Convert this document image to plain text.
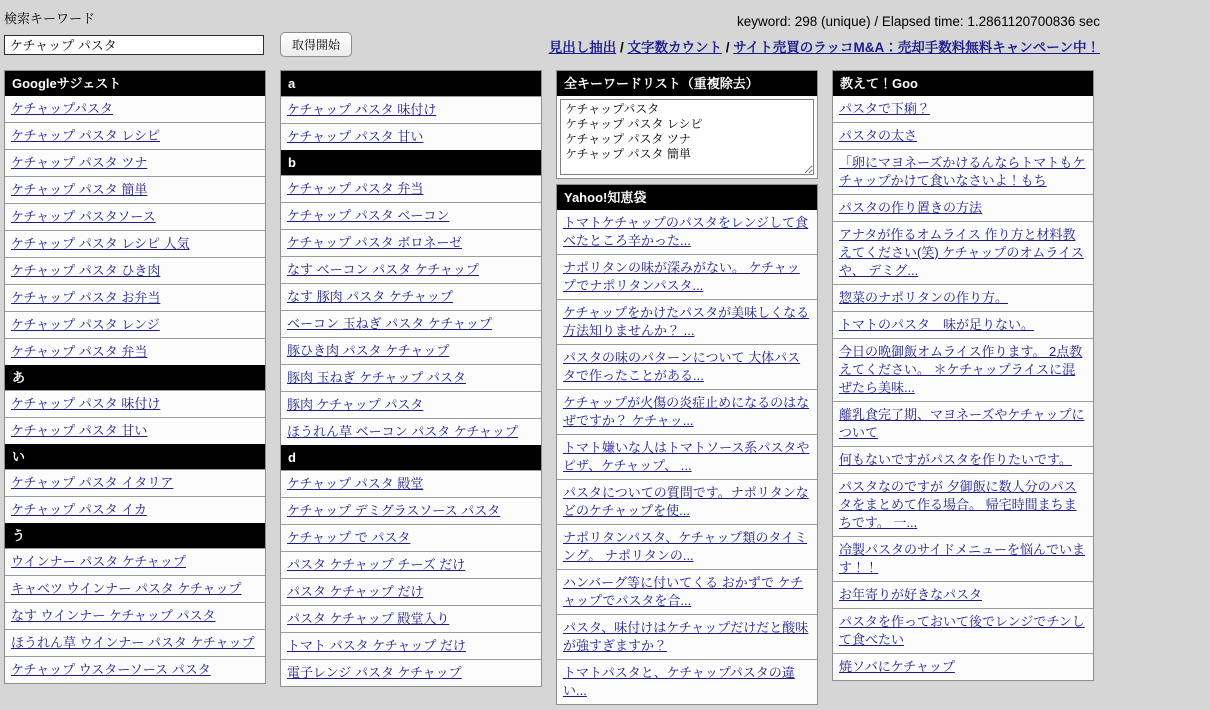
検索キーワード
ケチャップ パスタ
取得開始
keyword: 298 (unique) / Elapsed time: 1.2861120700836 sec
見出し抽出 / 文字数カウント / サイト売買のラッコM&A：売却手数料無料キャンペーン中！
Googleサジェスト
ケチャップパスタ
ケチャップ パスタ レシピ
ケチャップ パスタ ツナ
ケチャップ パスタ 簡単
ケチャップ パスタソース
ケチャップ パスタ レシピ 人気
ケチャップ パスタ ひき肉
ケチャップ パスタ お弁当
ケチャップ パスタ レンジ
ケチャップ パスタ 弁当
あ
ケチャップ パスタ 味付け
ケチャップ パスタ 甘い
い
ケチャップ パスタ イタリア
ケチャップ パスタ イカ
う
ウインナー パスタ ケチャップ
キャベツ ウインナー パスタ ケチャップ
なす ウインナー ケチャップ パスタ
ほうれん草 ウインナー パスタ ケチャップ
ケチャップ ウスターソース パスタ
a
ケチャップ パスタ 味付け
ケチャップ パスタ 甘い
b
ケチャップ パスタ 弁当
ケチャップ パスタ ベーコン
ケチャップ パスタ ボロネーゼ
なす ベーコン パスタ ケチャップ
なす 豚肉 パスタ ケチャップ
ベーコン 玉ねぎ パスタ ケチャップ
豚ひき肉 パスタ ケチャップ
豚肉 玉ねぎ ケチャップ パスタ
豚肉 ケチャップ パスタ
ほうれん草 ベーコン パスタ ケチャップ
d
ケチャップ パスタ 殿堂
ケチャップ デミグラスソース パスタ
ケチャップ で パスタ
パスタ ケチャップ チーズ だけ
パスタ ケチャップ だけ
パスタ ケチャップ 殿堂入り
トマト パスタ ケチャップ だけ
電子レンジ パスタ ケチャップ
全キーワードリスト（重複除去）
ケチャップパスタ ケチャップ パスタ レシピ ケチャップ パスタ ツナ ケチャップ パスタ 簡単
Yahoo!知恵袋
トマトケチャップのパスタをレンジして食べたところ辛かった...
ナポリタンの味が深みがない。 ケチャップでナポリタンパスタ...
ケチャップをかけたパスタが美味しくなる方法知りませんか？ ...
パスタの味のパターンについて 大体パスタで作ったことがある...
ケチャップが火傷の炎症止めになるのはなぜですか？ ケチャッ...
トマト嫌いな人はトマトソース系パスタやピザ、ケチャップ、 ...
パスタについての質問です。ナポリタンなどのケチャップを使...
ナポリタンパスタ、ケチャップ類のタイミング。 ナポリタンの...
ハンバーグ等に付いてくる おかずで ケチャップでパスタを合...
パスタ、味付けはケチャップだけだと酸味が強すぎますか？
トマトパスタと、ケチャップパスタの違い...
教えて！Goo
パスタで下痢？
パスタの太さ
「卵にマヨネーズかけるんならトマトもケチャップかけて食いなさいよ！もち
パスタの作り置きの方法
アナタが作るオムライス 作り方と材料教えてください(笑) ケチャップのオムライスや、 デミグ...
惣菜のナポリタンの作り方。
トマトのパスタ　味が足りない。
今日の晩御飯オムライス作ります。 2点教えてください。 ＊ケチャップライスに混ぜたら美味...
離乳食完了期、マヨネーズやケチャップについて
何もないですがパスタを作りたいです。
パスタなのですが 夕御飯に数人分のパスタをまとめて作る場合。 帰宅時間まちまちです。 一...
冷製パスタのサイドメニューを悩んでいます！！
お年寄りが好きなパスタ
パスタを作っておいて後でレンジでチンして食べたい
焼ソバにケチャップ
